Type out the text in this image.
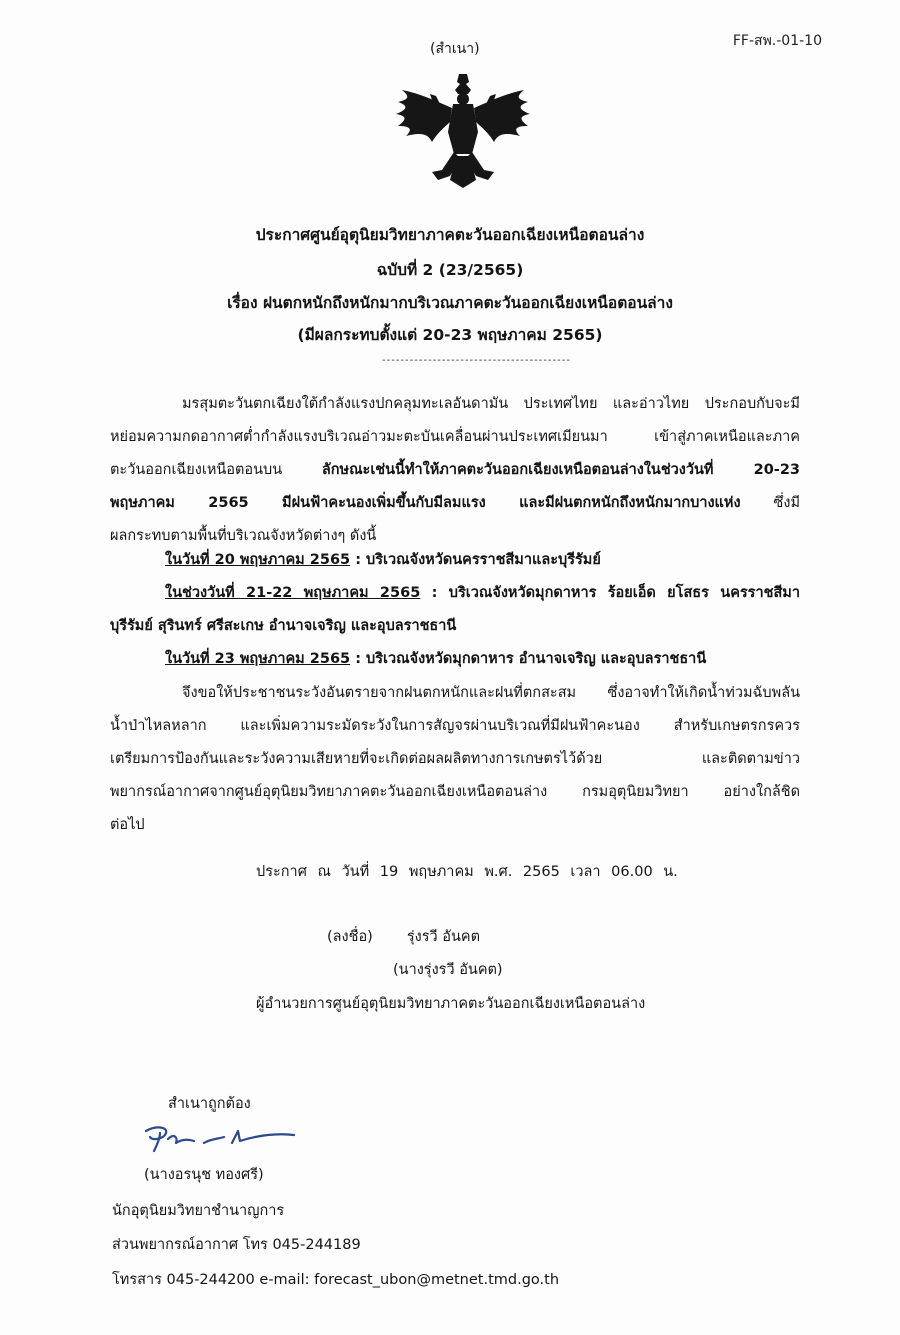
FF-สพ.-01-10
(สำเนา)
ประกาศศูนย์อุตุนิยมวิทยาภาคตะวันออกเฉียงเหนือตอนล่าง
ฉบับที่ 2 (23/2565)
เรื่อง ฝนตกหนักถึงหนักมากบริเวณภาคตะวันออกเฉียงเหนือตอนล่าง
(มีผลกระทบตั้งแต่ 20-23 พฤษภาคม 2565)
-----------------------------------------
มรสุมตะวันตกเฉียงใต้กำลังแรงปกคลุมทะเลอันดามัน ประเทศไทย และอ่าวไทย ประกอบกับจะมี
หย่อมความกดอากาศต่ำกำลังแรงบริเวณอ่าวมะตะบันเคลื่อนผ่านประเทศเมียนมา เข้าสู่ภาคเหนือและภาค
ตะวันออกเฉียงเหนือตอนบน ลักษณะเช่นนี้ทำให้ภาคตะวันออกเฉียงเหนือตอนล่างในช่วงวันที่ 20-23
พฤษภาคม 2565 มีฝนฟ้าคะนองเพิ่มขึ้นกับมีลมแรง และมีฝนตกหนักถึงหนักมากบางแห่ง ซึ่งมี
ผลกระทบตามพื้นที่บริเวณจังหวัดต่างๆ ดังนี้
ในวันที่ 20 พฤษภาคม 2565 : บริเวณจังหวัดนครราชสีมาและบุรีรัมย์
ในช่วงวันที่ 21-22 พฤษภาคม 2565 : บริเวณจังหวัดมุกดาหาร ร้อยเอ็ด ยโสธร นครราชสีมา
บุรีรัมย์ สุรินทร์ ศรีสะเกษ อำนาจเจริญ และอุบลราชธานี
ในวันที่ 23 พฤษภาคม 2565 : บริเวณจังหวัดมุกดาหาร อำนาจเจริญ และอุบลราชธานี
จึงขอให้ประชาชนระวังอันตรายจากฝนตกหนักและฝนที่ตกสะสม ซึ่งอาจทำให้เกิดน้ำท่วมฉับพลัน
น้ำป่าไหลหลาก และเพิ่มความระมัดระวังในการสัญจรผ่านบริเวณที่มีฝนฟ้าคะนอง สำหรับเกษตรกรควร
เตรียมการป้องกันและระวังความเสียหายที่จะเกิดต่อผลผลิตทางการเกษตรไว้ด้วย และติดตามข่าว
พยากรณ์อากาศจากศูนย์อุตุนิยมวิทยาภาคตะวันออกเฉียงเหนือตอนล่าง กรมอุตุนิยมวิทยา อย่างใกล้ชิด
ต่อไป
ประกาศ ณ วันที่ 19 พฤษภาคม พ.ศ. 2565 เวลา 06.00 น.
(ลงชื่อ) รุ่งรวี อันคต
(นางรุ่งรวี อันคต)
ผู้อำนวยการศูนย์อุตุนิยมวิทยาภาคตะวันออกเฉียงเหนือตอนล่าง
สำเนาถูกต้อง
(นางอรนุช ทองศรี)
นักอุตุนิยมวิทยาชำนาญการ
ส่วนพยากรณ์อากาศ โทร 045-244189
โทรสาร 045-244200 e-mail: forecast_ubon@metnet.tmd.go.th
